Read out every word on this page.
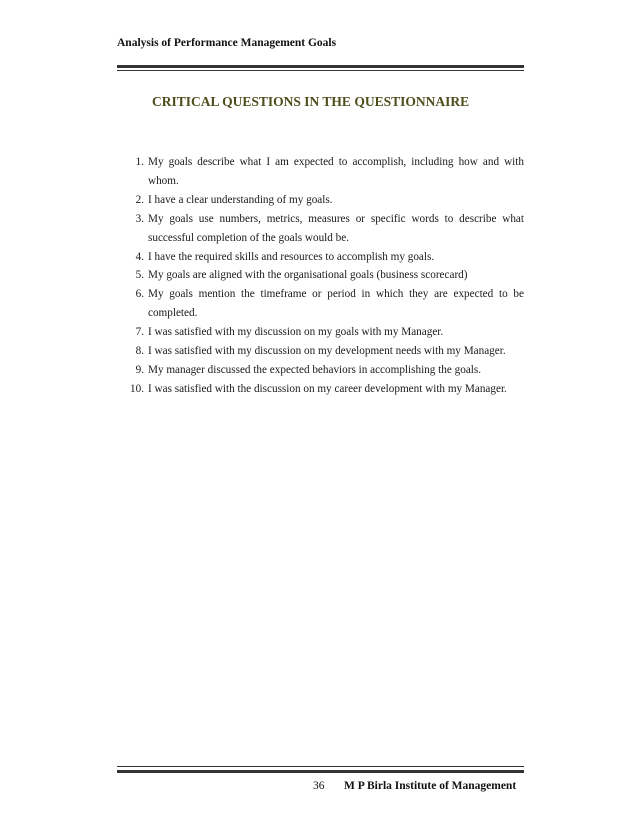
Analysis of Performance Management Goals
CRITICAL QUESTIONS IN THE QUESTIONNAIRE
1. My goals describe what I am expected to accomplish, including how and with whom.
2. I have a clear understanding of my goals.
3. My goals use numbers, metrics, measures or specific words to describe what successful completion of the goals would be.
4. I have the required skills and resources to accomplish my goals.
5. My goals are aligned with the organisational goals (business scorecard)
6. My goals mention the timeframe or period in which they are expected to be completed.
7. I was satisfied with my discussion on my goals with my Manager.
8. I was satisfied with my discussion on my development needs with my Manager.
9. My manager discussed the expected behaviors in accomplishing the goals.
10. I was satisfied with the discussion on my career development with my Manager.
36 M P Birla Institute of Management
